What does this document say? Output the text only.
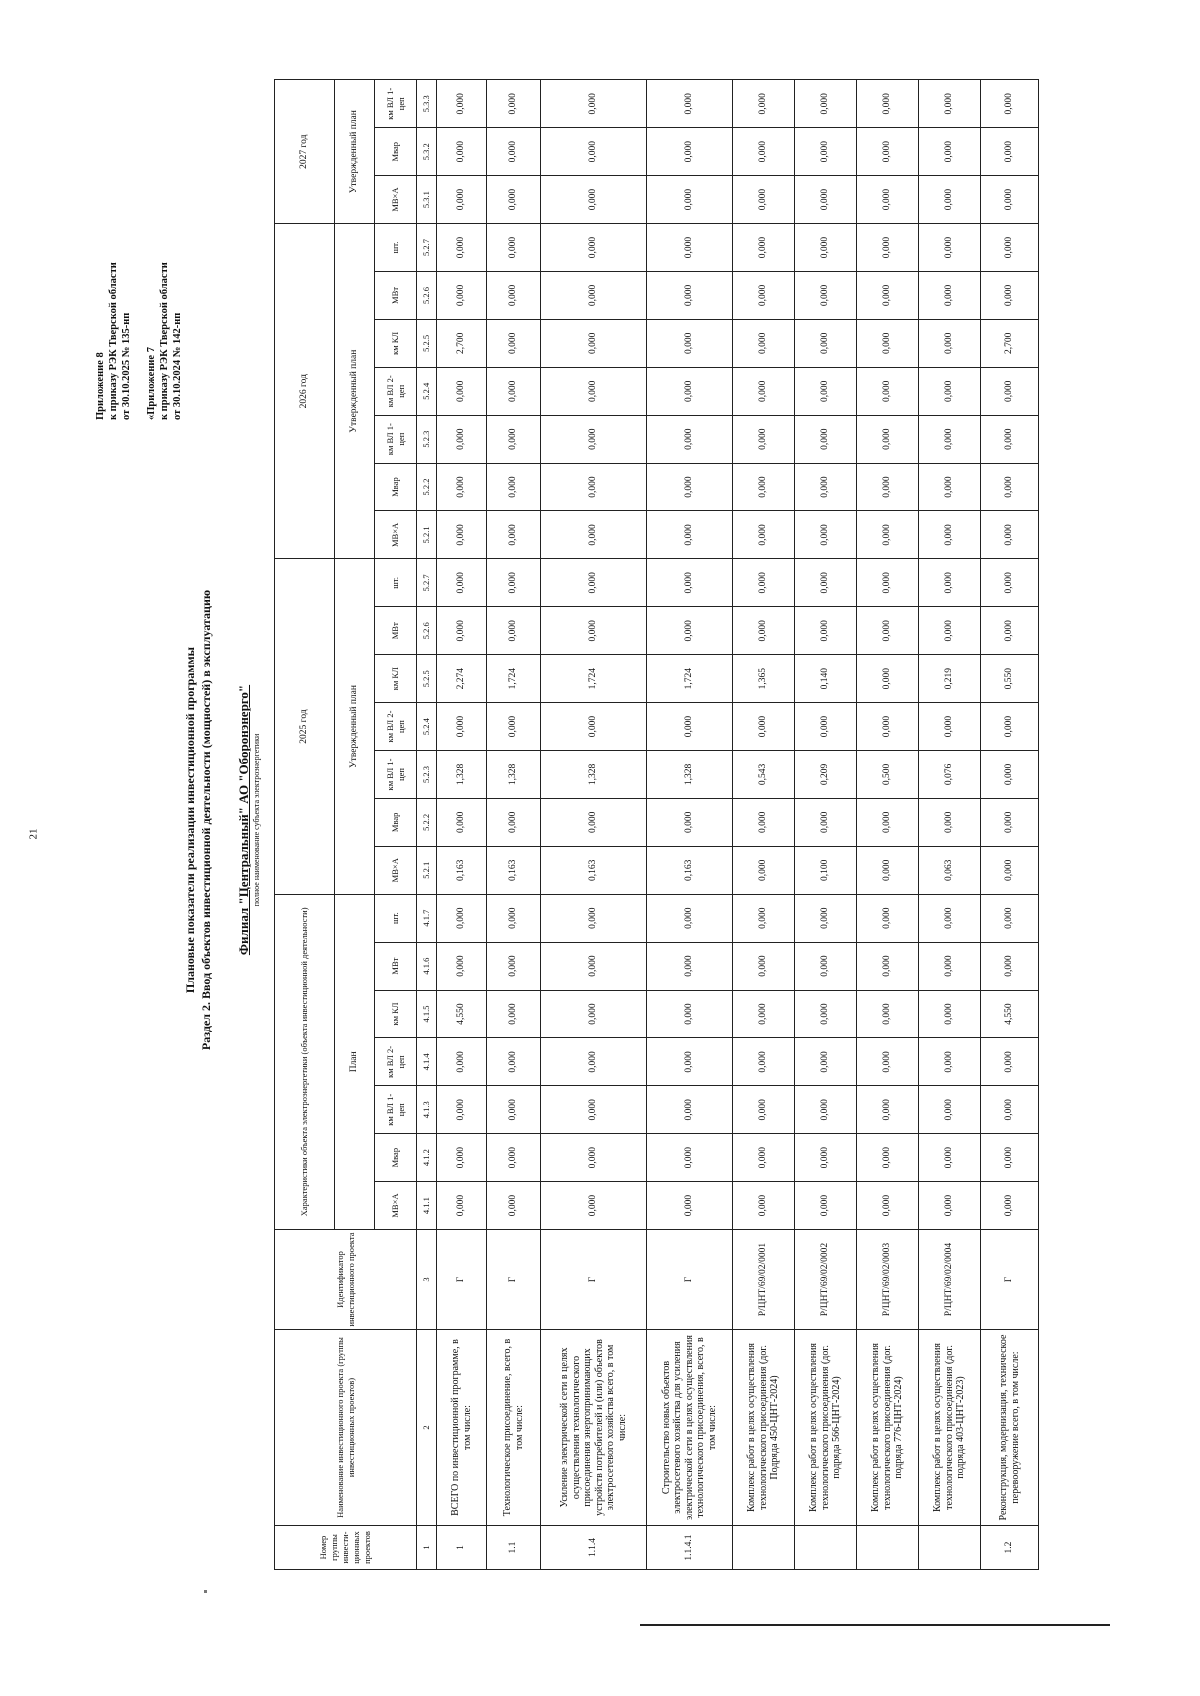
21
Приложение 8 к приказу РЭК Тверской области от 30.10.2025 № 135-нп «Приложение 7 к приказу РЭК Тверской области от 30.10.2024 № 142-нп
Плановые показатели реализации инвестиционной программы Раздел 2. Ввод объектов инвестиционной деятельности (мощностей) в эксплуатацию Филиал "Центральный" АО "Оборонэнерго" полное наименование субъекта электроэнергетики
Номер группы инвести-ционных проектов	Наименование инвестиционного проекта (группы инвестиционных проектов)	Идентификатор инвестиционного проекта	Характеристики объекта электроэнергетики (объекта инвестиционной деятельности)							2025 год							2026 год							2027 год		
			План							Утвержденный план							Утвержденный план							Утвержденный план		
			МВ×А	Мвар	км ВЛ 1-цеп	км ВЛ 2-цеп	км КЛ	МВт	шт.	МВ×А	Мвар	км ВЛ 1-цеп	км ВЛ 2-цеп	км КЛ	МВт	шт.	МВ×А	Мвар	км ВЛ 1-цеп	км ВЛ 2-цеп	км КЛ	МВт	шт.	МВ×А	Мвар	км ВЛ 1-цеп
1	2	3	4.1.1	4.1.2	4.1.3	4.1.4	4.1.5	4.1.6	4.1.7	5.2.1	5.2.2	5.2.3	5.2.4	5.2.5	5.2.6	5.2.7	5.2.1	5.2.2	5.2.3	5.2.4	5.2.5	5.2.6	5.2.7	5.3.1	5.3.2	5.3.3
1	ВСЕГО по инвестиционной программе, в том числе:	Г	0,000	0,000	0,000	0,000	4,550	0,000	0,000	0,163	0,000	1,328	0,000	2,274	0,000	0,000	0,000	0,000	0,000	0,000	2,700	0,000	0,000	0,000	0,000	0,000
1.1	Технологическое присоединение, всего, в том числе:	Г	0,000	0,000	0,000	0,000	0,000	0,000	0,000	0,163	0,000	1,328	0,000	1,724	0,000	0,000	0,000	0,000	0,000	0,000	0,000	0,000	0,000	0,000	0,000	0,000
1.1.4	Усиление электрической сети в целях осуществления технологического присоединения энергопринимающих устройств потребителей и (или) объектов электросетевого хозяйства всего, в том числе:	Г	0,000	0,000	0,000	0,000	0,000	0,000	0,000	0,163	0,000	1,328	0,000	1,724	0,000	0,000	0,000	0,000	0,000	0,000	0,000	0,000	0,000	0,000	0,000	0,000
1.1.4.1	Строительство новых объектов электросетевого хозяйства для усиления электрической сети в целях осуществления технологического присоединения, всего, в том числе:	Г	0,000	0,000	0,000	0,000	0,000	0,000	0,000	0,163	0,000	1,328	0,000	1,724	0,000	0,000	0,000	0,000	0,000	0,000	0,000	0,000	0,000	0,000	0,000	0,000
	Комплекс работ в целях осуществления технологического присоединения (дог. Подряда 450-ЦНТ-2024)	P/ЦНТ/69/02/0001	0,000	0,000	0,000	0,000	0,000	0,000	0,000	0,000	0,000	0,543	0,000	1,365	0,000	0,000	0,000	0,000	0,000	0,000	0,000	0,000	0,000	0,000	0,000	0,000
	Комплекс работ в целях осуществления технологического присоединения (дог. подряда 566-ЦНТ-2024)	P/ЦНТ/69/02/0002	0,000	0,000	0,000	0,000	0,000	0,000	0,000	0,100	0,000	0,209	0,000	0,140	0,000	0,000	0,000	0,000	0,000	0,000	0,000	0,000	0,000	0,000	0,000	0,000
	Комплекс работ в целях осуществления технологического присоединения (дог. подряда 776-ЦНТ-2024)	P/ЦНТ/69/02/0003	0,000	0,000	0,000	0,000	0,000	0,000	0,000	0,000	0,000	0,500	0,000	0,000	0,000	0,000	0,000	0,000	0,000	0,000	0,000	0,000	0,000	0,000	0,000	0,000
	Комплекс работ в целях осуществления технологического присоединения (дог. подряда 403-ЦНТ-2023)	P/ЦНТ/69/02/0004	0,000	0,000	0,000	0,000	0,000	0,000	0,000	0,063	0,000	0,076	0,000	0,219	0,000	0,000	0,000	0,000	0,000	0,000	0,000	0,000	0,000	0,000	0,000	0,000
1.2	Реконструкция, модернизация, техническое перевооружение всего, в том числе:	Г	0,000	0,000	0,000	0,000	4,550	0,000	0,000	0,000	0,000	0,000	0,000	0,550	0,000	0,000	0,000	0,000	0,000	0,000	2,700	0,000	0,000	0,000	0,000	0,000
